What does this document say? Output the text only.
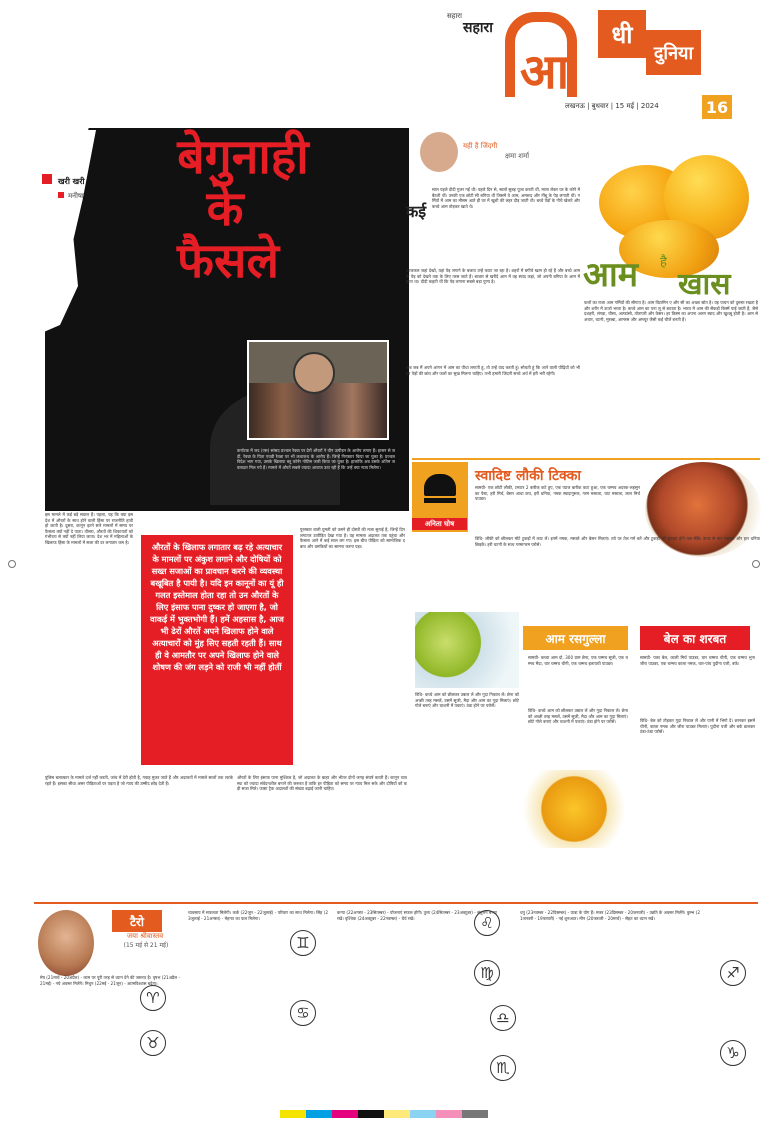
सहारा
सहारा
आ
धी
दुनिया
लखनऊ | बुधवार | 15 मई | 2024	16
खरी खरी
मनीषा
बेगुनाही
के
फैसले
कर्नाटक में जद (एस) सांसद प्रज्वल रेवन्ना पर ढेरों औरतों ने यौन उत्पीड़न के आरोप लगाए हैं। हासन से जदी, रेवन्ना के पिता एचडी रेवन्ना पर भी कथाकथ के आरोप हैं। जिन्हें गिरफ्तार किया जा चुका है। प्रज्वल विदेश भाग गया, उसके खिलाफ ब्लू कॉर्नर नोटिस जारी किया जा चुका है। हालांकि अब उसके अंतिम जवाबदार मिल गये हैं। मामले में औरतें सबसे ज्यादा आवाज उठा रही हैं कि उन्हें क्या न्याय मिलेगा।
इस मामले में कई बड़े सवाल हैं। पहला, यह कि क्या इस देश में औरतों के साथ होने वाली हिंसा पर राजनीति हावी हो जाती है। दूसरा, कानून इतने सारे मामलों में समय पर फैसला क्यों नहीं दे पाता। तीसरा, औरतों की शिकायतों को गंभीरता से क्यों नहीं लिया जाता। देश भर में महिलाओं के खिलाफ हिंसा के मामलों में सजा की दर लगातार कम है।
पुलिस बलात्कार के मामले दर्ज नहीं करती, जांच में देरी होती है, गवाह मुकर जाते हैं और अदालतों में मामले सालों तक लटके रहते हैं। इसका सीधा असर पीड़िताओं पर पड़ता है जो न्याय की उम्मीद छोड़ देती हैं।
औरतों के खिलाफ लगातार बढ़ रहे अत्याचार के मामलों पर अंकुश लगाने और दोषियों को सख्त सजाओं का प्रावधान करने की व्यवस्था बखूबित है पायी है। यदि इन कानूनों का यूं ही गलत इस्तेमाल होता रहा तो उन औरतों के लिए इंसाफ पाना दुष्कर हो जाएगा है, जो वाकई में भुक्तभोगी हैं। हमें अहसास है, आज भी ढेरों औरतें अपने खिलाफ होने वाले अत्याचारों को मुंह सिए सहती रहती हैं। साथ ही वे आमतौर पर अपने खिलाफ होने वाले शोषण की जंग लड़ने को राजी भी नहीं होतीं
पुरस्कार वाली घुमती को उसने ही दोस्तों की मजा सुनाई है, जिन्हें दिन लगातार उत्पीड़ित देखा गया है। यह मामला अदालत तक पहुंचा और फैसला आने में कई साल लग गए। इस बीच पीड़िता को सामाजिक दबाव और धमकियों का सामना करना पड़ा।
औरतों के लिए इंसाफ पाना मुश्किल है, जो अदालत के बाहर और भीतर दोनों जगह संघर्ष करती हैं। कानून व्यवस्था को ज्यादा संवेदनशील बनाने की जरूरत है ताकि हर पीड़िता को समय पर न्याय मिल सके और दोषियों को कड़ी सजा मिले। फास्ट ट्रैक अदालतों की संख्या बढ़ाई जानी चाहिए।
यही है जिंदगी
क्षमा शर्मा
कई
साल पहले दीदी गुजर गईं थी। पहले दिन से, सालों सुबह पूजा करती थीं, माला लेकर घर के कोने में बैठती थीं। उनकी एक छोटी सी बगिया थी जिसमें वे आम, अमरूद और नींबू के पेड़ लगाती थीं। गर्मियों में आम का मौसम आते ही घर में खुशी की लहर दौड़ जाती थी। बच्चे पेड़ों के नीचे खेलते और कच्चे आम तोड़कर खाते थे।
आजकल जहां देखो, यहां पेड़ लगाने के बजाय उन्हें काटा जा रहा है। शहरों में बगीचे खत्म हो रहे हैं और बच्चे आम के पेड़ को देखने तक के लिए तरस जाते हैं। बाजार से खरीदे आम में वह स्वाद कहां, जो अपनी बगिया के आम में होता था। दीदी कहती थीं कि पेड़ लगाना सबसे बड़ा पुण्य है।
अब जब मैं अपने आंगन में आम का पौधा लगाती हूं, तो उन्हें याद करती हूं। सोचती हूं कि आने वाली पीढ़ियों को भी इन पेड़ों की छांव और फलों का सुख मिलना चाहिए। तभी हमारी जिंदगी सच्चे अर्थ में हरी भरी रहेगी।
आम है
खास
फलों का राजा आम गर्मियों की सौगात है। आम विटामिन ए और सी का अच्छा स्रोत है। यह पाचन को दुरुस्त रखता है और शरीर में ऊर्जा भरता है। कच्चे आम का पना लू से बचाता है। भारत में आम की सैकड़ों किस्में पाई जाती हैं, जैसे दशहरी, लंगड़ा, चौसा, अल्फांसो, तोतापरी और केसर। हर किस्म का अपना अलग स्वाद और खुशबू होती है। आम से अचार, चटनी, मुरब्बा, आमरस और अमचूर जैसी कई चीजें बनती हैं।
अनिता घोष
स्वादिष्ट लौकी टिक्का
सामग्री- एक छोटी लौकी, टमाटर 2 बारीक कटे हुए, एक प्याज बारीक कटा हुआ, एक चम्मच अदरक-लहसुन का पेस्ट, हरी मिर्च, बेसन आधा कप, हरी धनिया, नमक स्वादानुसार, गरम मसाला, चाट मसाला, लाल मिर्च पाउडर।
विधि- लौकी को छीलकर मोटे टुकड़ों में काट लें। इनमें नमक, मसाले और बेसन मिलाएं। तवे पर तेल गर्म करें और टुकड़ों को सुनहरा होने तक सेंकें। ऊपर से चाट मसाला और हरा धनिया छिड़कें। हरी चटनी के साथ गरमागरम परोसें।
विधि- कच्चे आम को छीलकर उबाल लें और गूदा निकाल लें। छेना को अच्छी तरह मसलें, उसमें सूजी, मैदा और आम का गूदा मिलाएं। छोटे गोले बनाएं और चाशनी में पकाएं। ठंडा होने पर परोसें।
आम रसगुल्ला
सामग्री- कच्चा आम दो, 300 ग्राम छेना, एक चम्मच सूजी, एक चम्मच मैदा, चार चम्मच चीनी, एक चम्मच इलायची पाउडर।
विधि- कच्चे आम को छीलकर उबाल लें और गूदा निकाल लें। छेना को अच्छी तरह मसलें, उसमें सूजी, मैदा और आम का गूदा मिलाएं। छोटे गोले बनाएं और चाशनी में पकाएं। ठंडा होने पर परोसें।
बेल का शरबत
सामग्री- पका बेल, काली मिर्च पाउडर, चार चम्मच चीनी, एक चम्मच भुना जीरा पाउडर, एक चम्मच काला नमक, चार-पांच पुदीना पत्ती, बर्फ।
विधि- बेल को तोड़कर गूदा निकाल लें और पानी में भिगो दें। छानकर इसमें चीनी, काला नमक और जीरा पाउडर मिलाएं। पुदीना पत्ती और बर्फ डालकर ठंडा-ठंडा परोसें।
टैरो
जया श्रीवास्तव
(15 मई से 21 मई)
मेष (21मार्च - 20अप्रैल) - काम पर पूरी तरह से ध्यान देने की जरूरत है। वृषभ (21अप्रैल - 21मई) - नये अवसर मिलेंगे। मिथुन (22मई - 21जून) - आत्मविश्वास बढ़ेगा।
व्यवसाय में सफलता मिलेगी। कर्क (22जून - 22जुलाई) - परिवार का साथ मिलेगा। सिंह (23जुलाई - 21अगस्त) - मेहनत का फल मिलेगा।
कन्या (22अगस्त - 23सितम्बर) - योजनाएं सफल होंगी। तुला (24सितम्बर - 23अक्टूबर) - संतुलन बनाए रखें। वृश्चिक (24अक्टूबर - 22नवम्बर) - धैर्य रखें।
धनु (23नवम्बर - 22दिसम्बर) - यात्रा के योग हैं। मकर (23दिसम्बर - 20जनवरी) - उन्नति के अवसर मिलेंगे। कुम्भ (21जनवरी - 19फरवरी) - नई शुरुआत। मीन (20फरवरी - 20मार्च) - सेहत का ध्यान रखें।
♈
♉
♊
♋
♌
♍
♎
♏
♐
♑
